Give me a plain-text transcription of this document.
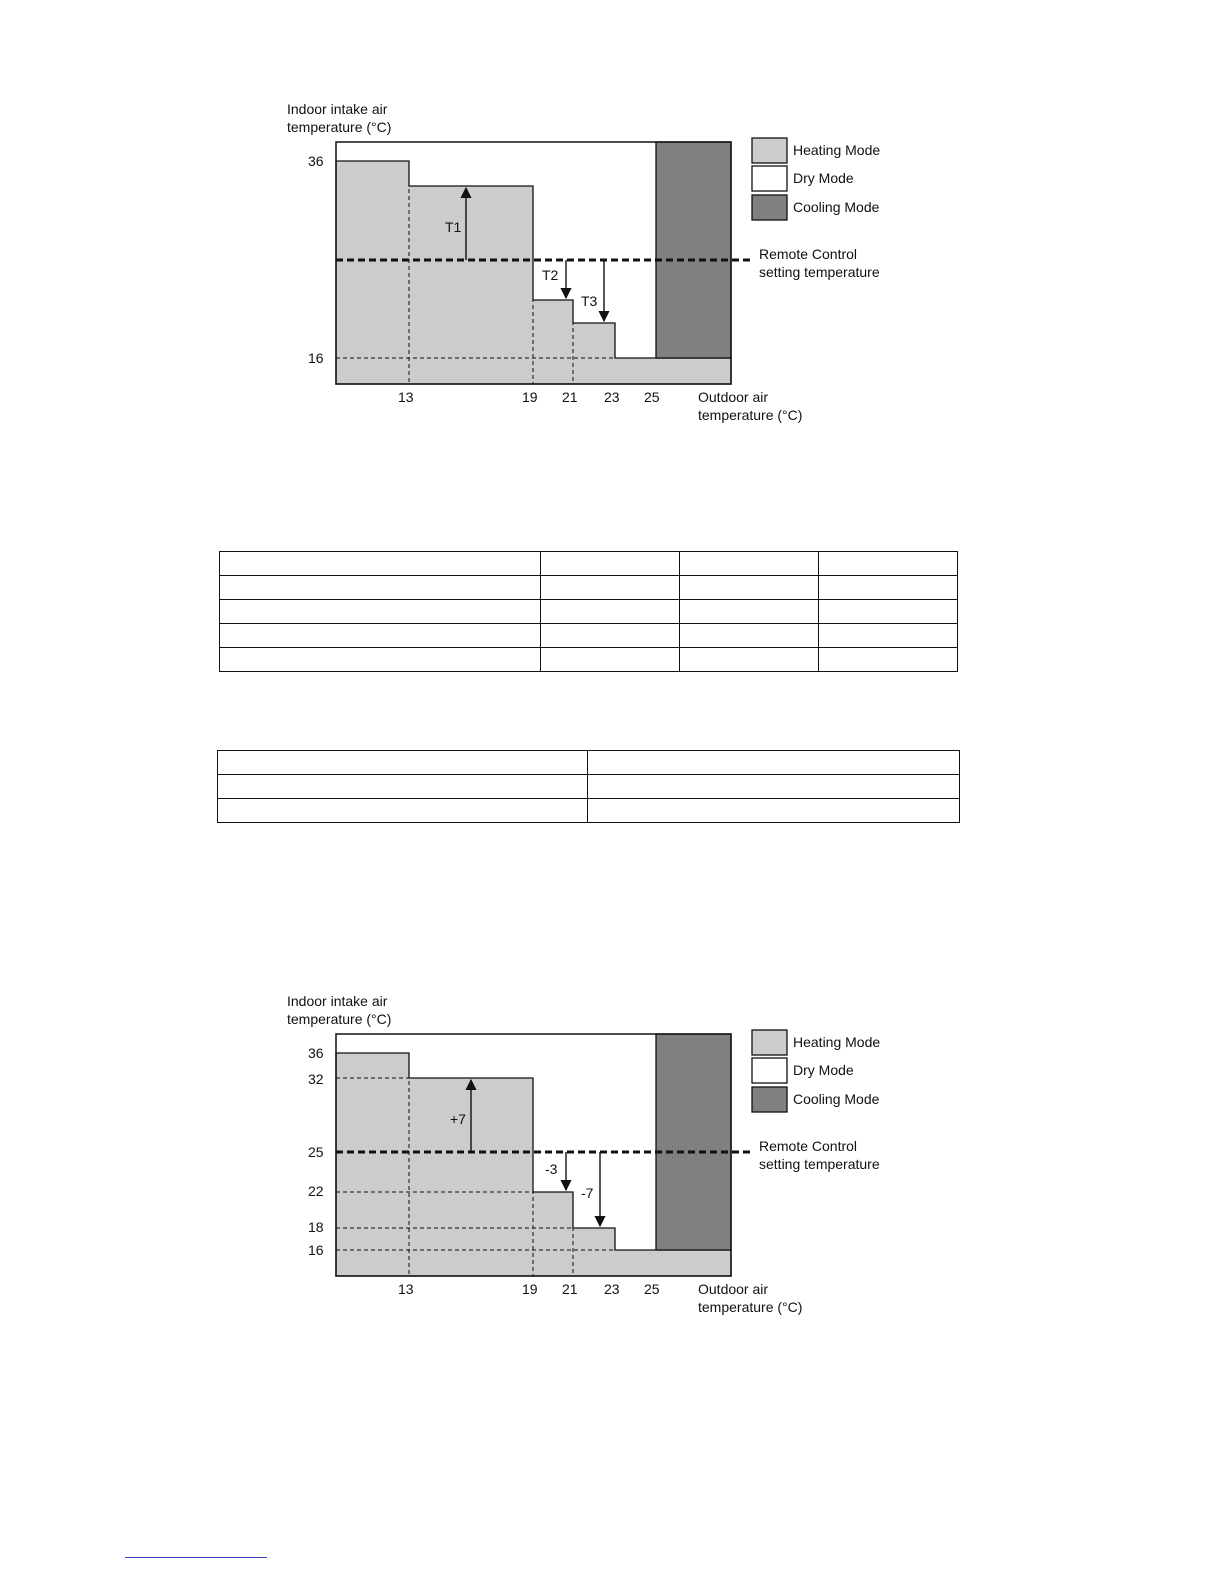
Indoor intake air
temperature (°C)
T1
T2
T3
36
16
13	19 21 23 25	Outdoor air
temperature (°C)
Remote Control
setting temperature
Heating Mode
Dry Mode
Cooling Mode

Indoor intake air
temperature (°C)
+7
-3
-7
36
32
25
22
18
16
13	19 21 23 25	Outdoor air
temperature (°C)
Remote Control
setting temperature
Heating Mode
Dry Mode
Cooling Mode
